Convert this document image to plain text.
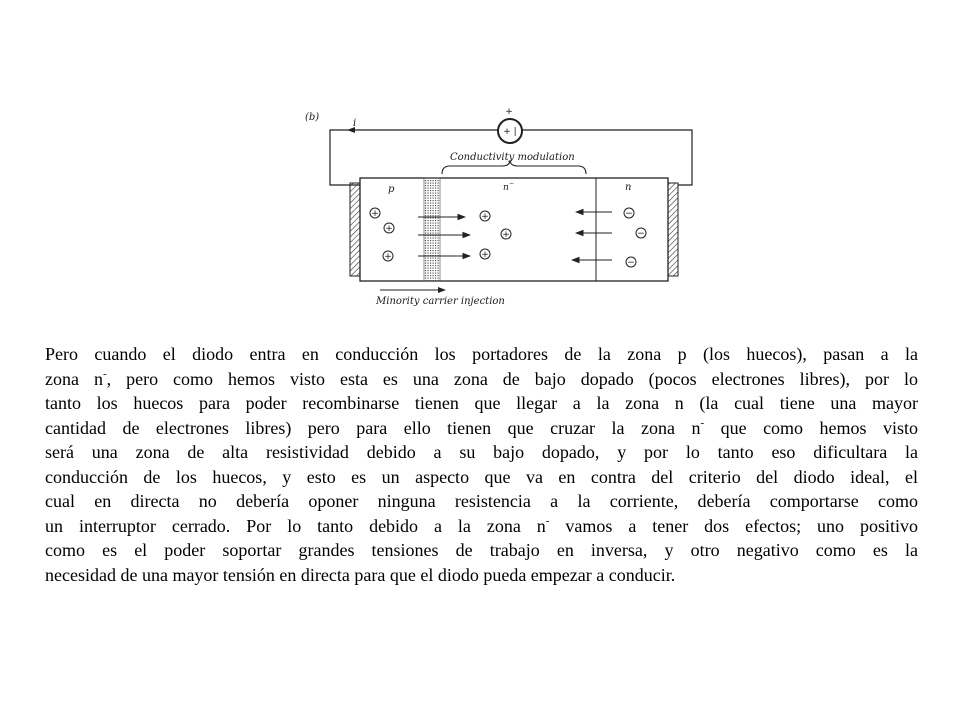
(b)
i
+ |
+
Conductivity modulation
p	n −	n
+
+
+
+
+
+
−
−
−
Minority carrier injection

Pero cuando el diodo entra en conducción los portadores de la zona p (los huecos), pasan a la
zona n-, pero como hemos visto esta es una zona de bajo dopado (pocos electrones libres), por lo
tanto los huecos para poder recombinarse tienen que llegar a la zona n (la cual tiene una mayor
cantidad de electrones libres) pero para ello tienen que cruzar la zona n- que como hemos visto
será una zona de alta resistividad debido a su bajo dopado, y por lo tanto eso dificultara la
conducción de los huecos, y esto es un aspecto que va en contra del criterio del diodo ideal, el
cual en directa no debería oponer ninguna resistencia a la corriente, debería comportarse como
un interruptor cerrado. Por lo tanto debido a la zona n- vamos a tener dos efectos; uno positivo
como es el poder soportar grandes tensiones de trabajo en inversa, y otro negativo como es la
necesidad de una mayor tensión en directa para que el diodo pueda empezar a conducir.
